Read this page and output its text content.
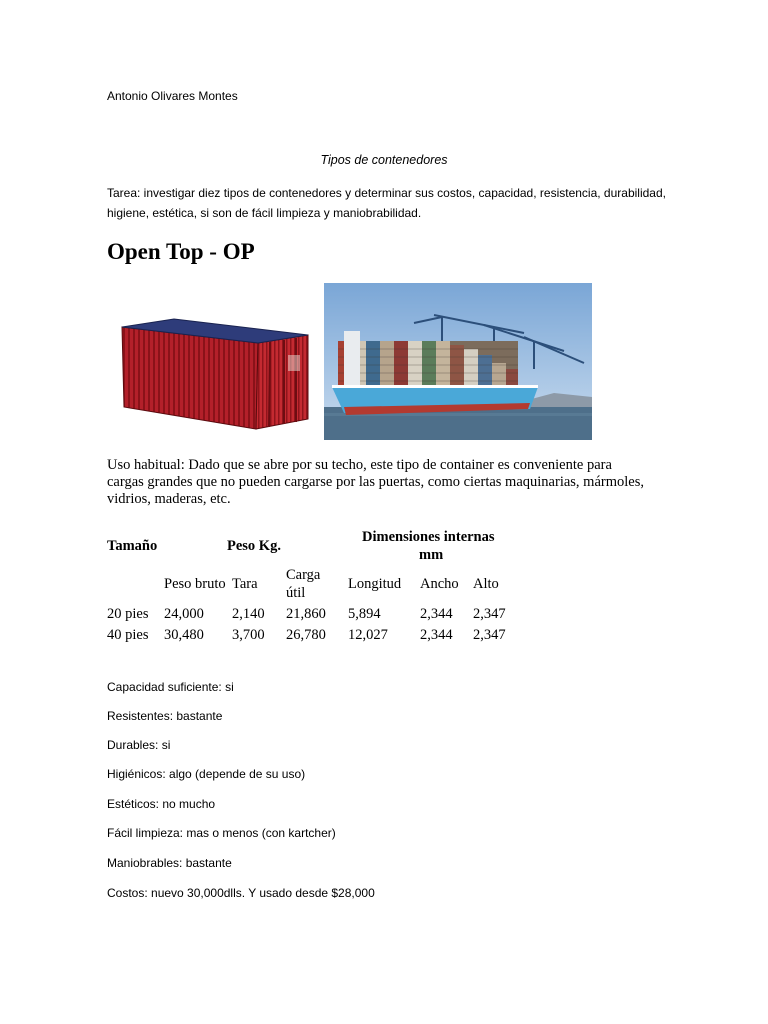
Antonio Olivares Montes
Tipos de contenedores
Tarea: investigar diez tipos de contenedores y determinar sus costos, capacidad, resistencia, durabilidad, higiene, estética, si son de fácil limpieza y maniobrabilidad.
Open Top - OP
Uso habitual: Dado que se abre por su techo, este tipo de container es conveniente para cargas grandes que no pueden cargarse por las puertas, como ciertas maquinarias, mármoles, vidrios, maderas, etc.
Tamaño	Peso Kg.
Dimensiones internas
mm
Peso bruto Tara
Carga
útil
Longitud Ancho Alto
20 pies 24,000 2,140 21,860 5,894	2,344 2,347
40 pies 30,480 3,700 26,780 12,027 2,344 2,347
Capacidad suficiente: si
Resistentes: bastante
Durables: si
Higiénicos: algo (depende de su uso)
Estéticos: no mucho
Fácil limpieza: mas o menos (con kartcher)
Maniobrables: bastante
Costos: nuevo 30,000dlls. Y usado desde $28,000
